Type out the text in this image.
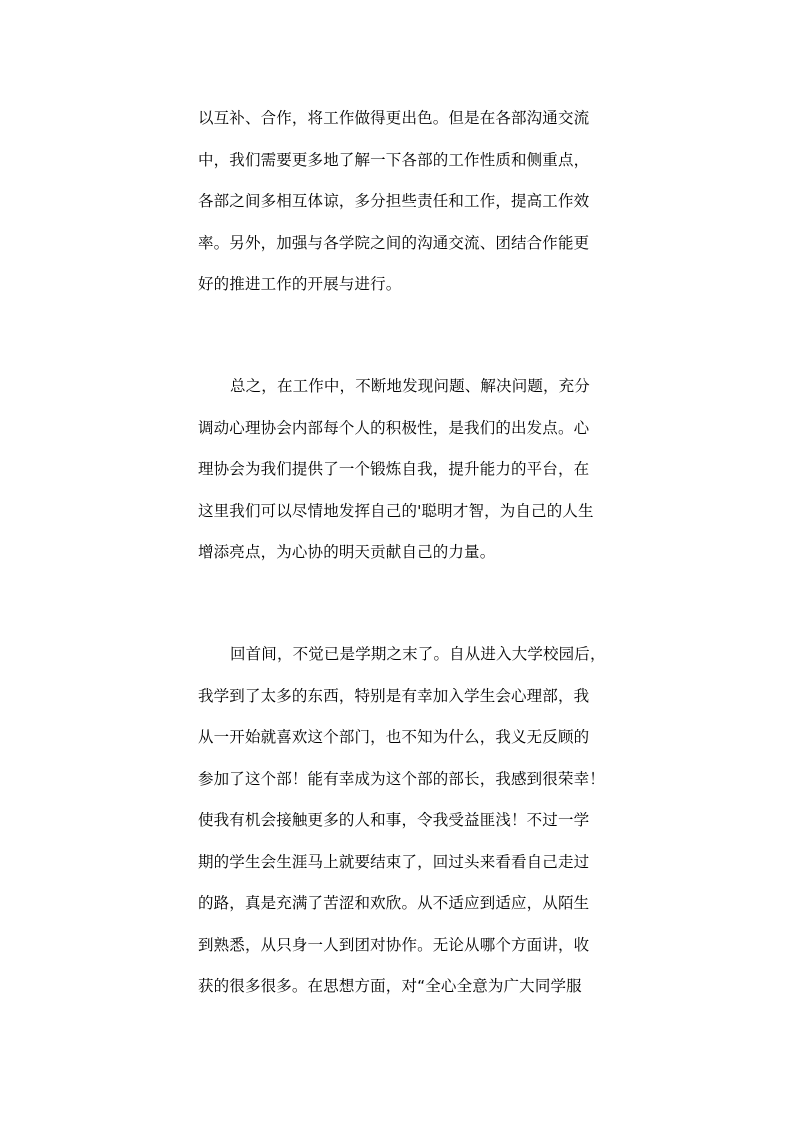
以互补、合作，将工作做得更出色。但是在各部沟通交流
中，我们需要更多地了解一下各部的工作性质和侧重点，
各部之间多相互体谅，多分担些责任和工作，提高工作效
率。另外，加强与各学院之间的沟通交流、团结合作能更
好的推进工作的开展与进行。
总之，在工作中，不断地发现问题、解决问题，充分
调动心理协会内部每个人的积极性，是我们的出发点。心
理协会为我们提供了一个锻炼自我，提升能力的平台，在
这里我们可以尽情地发挥自己的'聪明才智，为自己的人生
增添亮点，为心协的明天贡献自己的力量。
回首间，不觉已是学期之末了。自从进入大学校园后，
我学到了太多的东西，特别是有幸加入学生会心理部，我
从一开始就喜欢这个部门，也不知为什么，我义无反顾的
参加了这个部！能有幸成为这个部的部长，我感到很荣幸！
使我有机会接触更多的人和事，令我受益匪浅！不过一学
期的学生会生涯马上就要结束了，回过头来看看自己走过
的路，真是充满了苦涩和欢欣。从不适应到适应，从陌生
到熟悉，从只身一人到团对协作。无论从哪个方面讲，收
获的很多很多。在思想方面，对“全心全意为广大同学服
